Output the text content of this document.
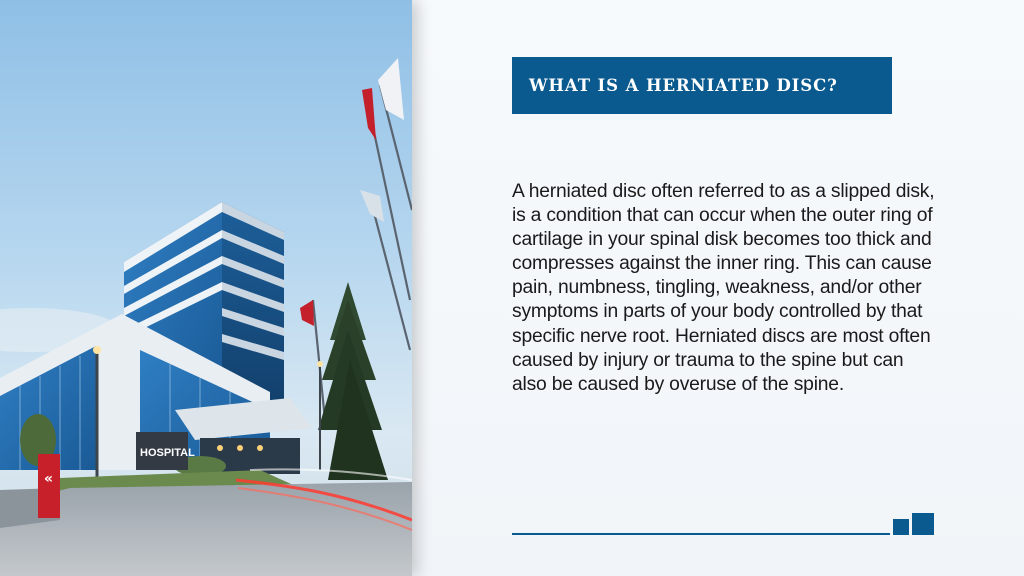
HOSPITAL
«
WHAT IS A HERNIATED DISC?

A herniated disc often referred to as a slipped disk, is a condition that can occur when the outer ring of cartilage in your spinal disk becomes too thick and compresses against the inner ring. This can cause pain, numbness, tingling, weakness, and/or other symptoms in parts of your body controlled by that specific nerve root. Herniated discs are most often caused by injury or trauma to the spine but can also be caused by overuse of the spine.
